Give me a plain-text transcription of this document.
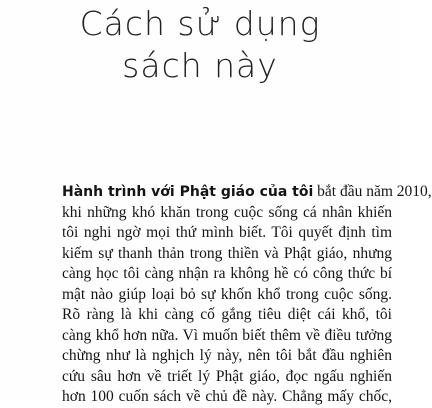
Cách sử dụng
sách này
Hành trình với Phật giáo của tôi bắt đầu năm 2010,
khi những khó khăn trong cuộc sống cá nhân khiến
tôi nghi ngờ mọi thứ mình biết. Tôi quyết định tìm
kiếm sự thanh thản trong thiền và Phật giáo, nhưng
càng học tôi càng nhận ra không hề có công thức bí
mật nào giúp loại bỏ sự khốn khổ trong cuộc sống.
Rõ ràng là khi càng cố gắng tiêu diệt cái khổ, tôi
càng khổ hơn nữa. Vì muốn biết thêm về điều tưởng
chừng như là nghịch lý này, nên tôi bắt đầu nghiên
cứu sâu hơn về triết lý Phật giáo, đọc ngấu nghiến
hơn 100 cuốn sách về chủ đề này. Chẳng mấy chốc,
